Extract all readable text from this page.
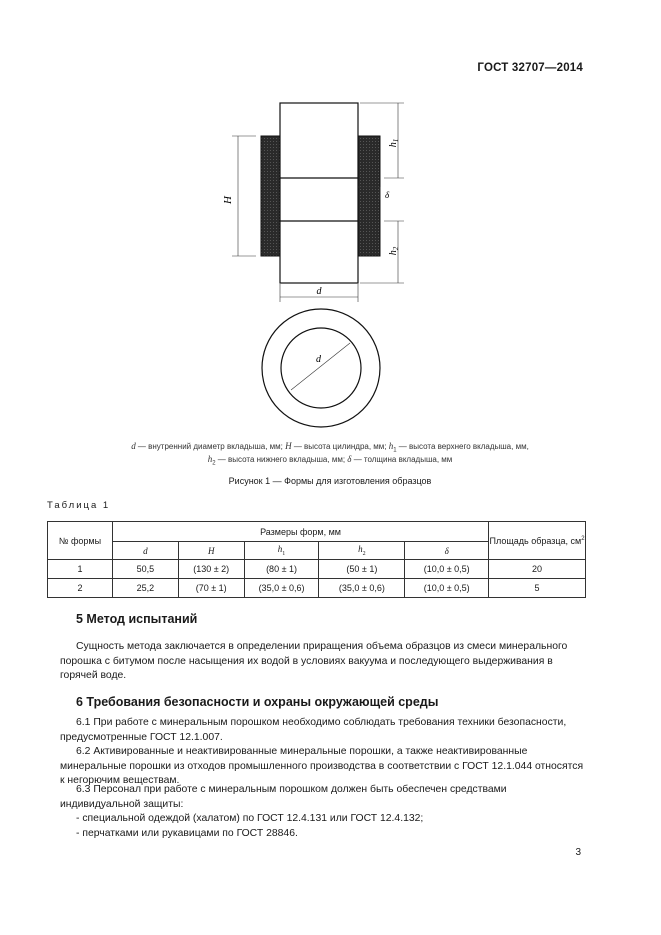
ГОСТ 32707—2014
H
$h_1$
$h_2$
δ
d
d
d — внутренний диаметр вкладыша, мм; H — высота цилиндра, мм; $h_1$ — высота верхнего вкладыша, мм,
$h_2$ — высота нижнего вкладыша, мм; δ — толщина вкладыша, мм
Рисунок 1 — Формы для изготовления образцов
Таблица 1
№ формы	Размеры форм, мм					Площадь образца, $см^2$
	d	H	$h_1$	$h_2$	δ	
1	50,5	(130 ± 2)	(80 ± 1)	(50 ± 1)	(10,0 ± 0,5)	20
2	25,2	(70 ± 1)	(35,0 ± 0,6)	(35,0 ± 0,6)	(10,0 ± 0,5)	5
5 Метод испытаний
Сущность метода заключается в определении приращения объема образцов из смеси минерального порошка с битумом после насыщения их водой в условиях вакуума и последующего выдерживания в горячей воде.
6 Требования безопасности и охраны окружающей среды
6.1 При работе с минеральным порошком необходимо соблюдать требования техники безопасности, предусмотренные ГОСТ 12.1.007.
6.2 Активированные и неактивированные минеральные порошки, а также неактивированные минеральные порошки из отходов промышленного производства в соответствии с ГОСТ 12.1.044 относятся к негорючим веществам.
6.3 Персонал при работе с минеральным порошком должен быть обеспечен средствами индивидуальной защиты:
- специальной одеждой (халатом) по ГОСТ 12.4.131 или ГОСТ 12.4.132;
- перчатками или рукавицами по ГОСТ 28846.
3
